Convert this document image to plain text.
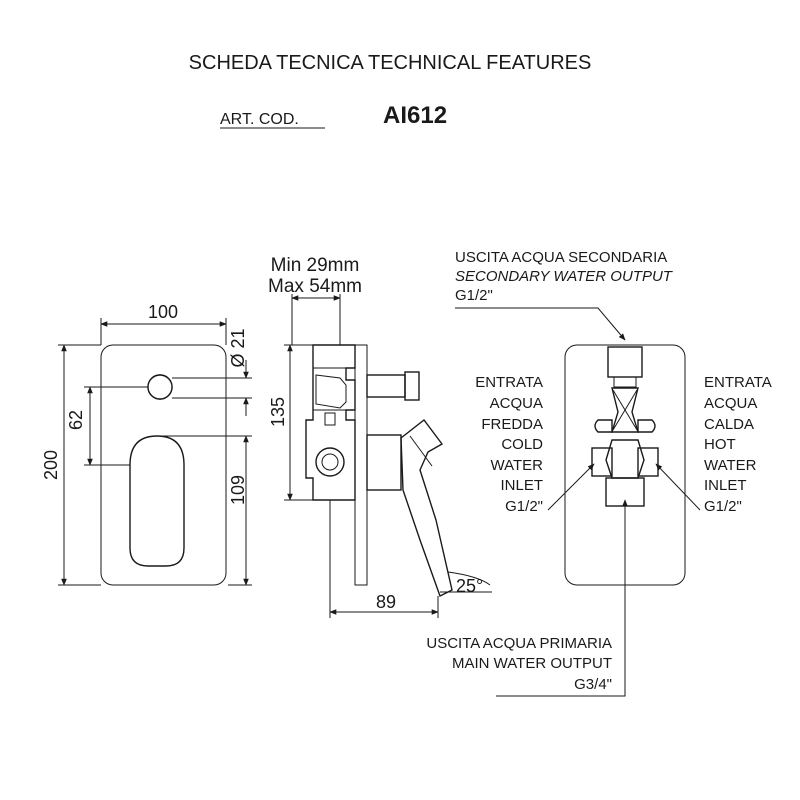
SCHEDA TECNICA TECHNICAL FEATURES
ART. COD.	AI612
100
200
62
Ø 21
109
Min 29mm
Max 54mm
135
89
25°
USCITA ACQUA SECONDARIA
SECONDARY WATER OUTPUT
G1/2"
ENTRATA
ACQUA
FREDDA
COLD
WATER
INLET
G1/2"
ENTRATA
ACQUA
CALDA
HOT
WATER
INLET
G1/2"
USCITA ACQUA PRIMARIA
MAIN WATER OUTPUT
G3/4"
